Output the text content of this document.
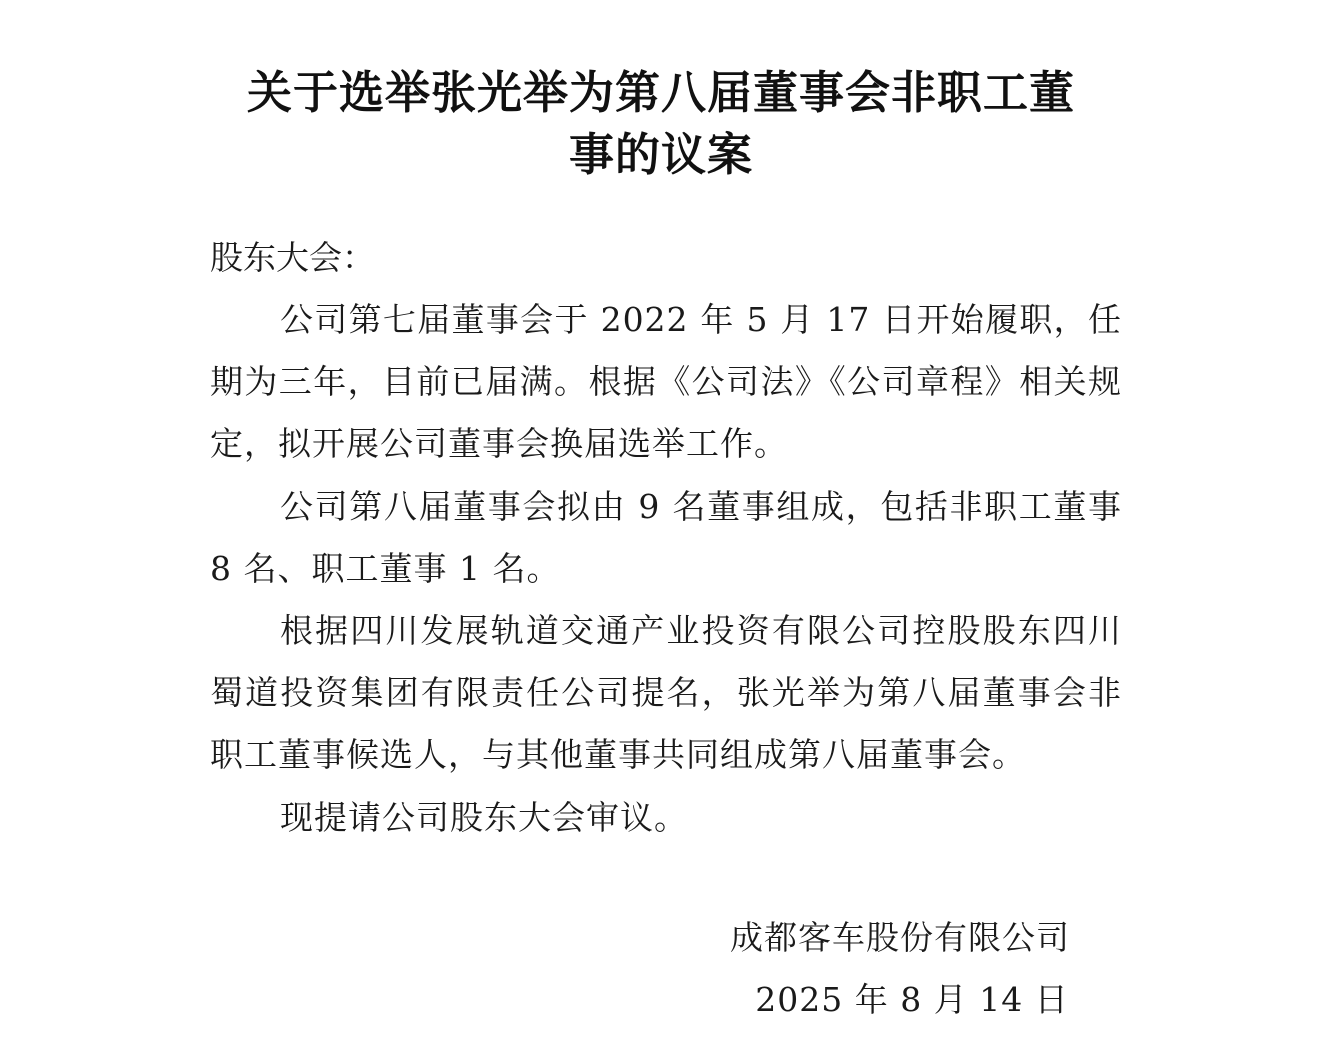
关于选举张光举为第八届董事会非职工董
事的议案

股东大会：

公司第七届董事会于 2022 年 5 月 17 日开始履职，任期为三年，目前已届满。根据《公司法》《公司章程》相关规定，拟开展公司董事会换届选举工作。

公司第八届董事会拟由 9 名董事组成，包括非职工董事 8 名、职工董事 1 名。

根据四川发展轨道交通产业投资有限公司控股股东四川蜀道投资集团有限责任公司提名，张光举为第八届董事会非职工董事候选人，与其他董事共同组成第八届董事会。

现提请公司股东大会审议。

成都客车股份有限公司

2025 年 8 月 14 日
